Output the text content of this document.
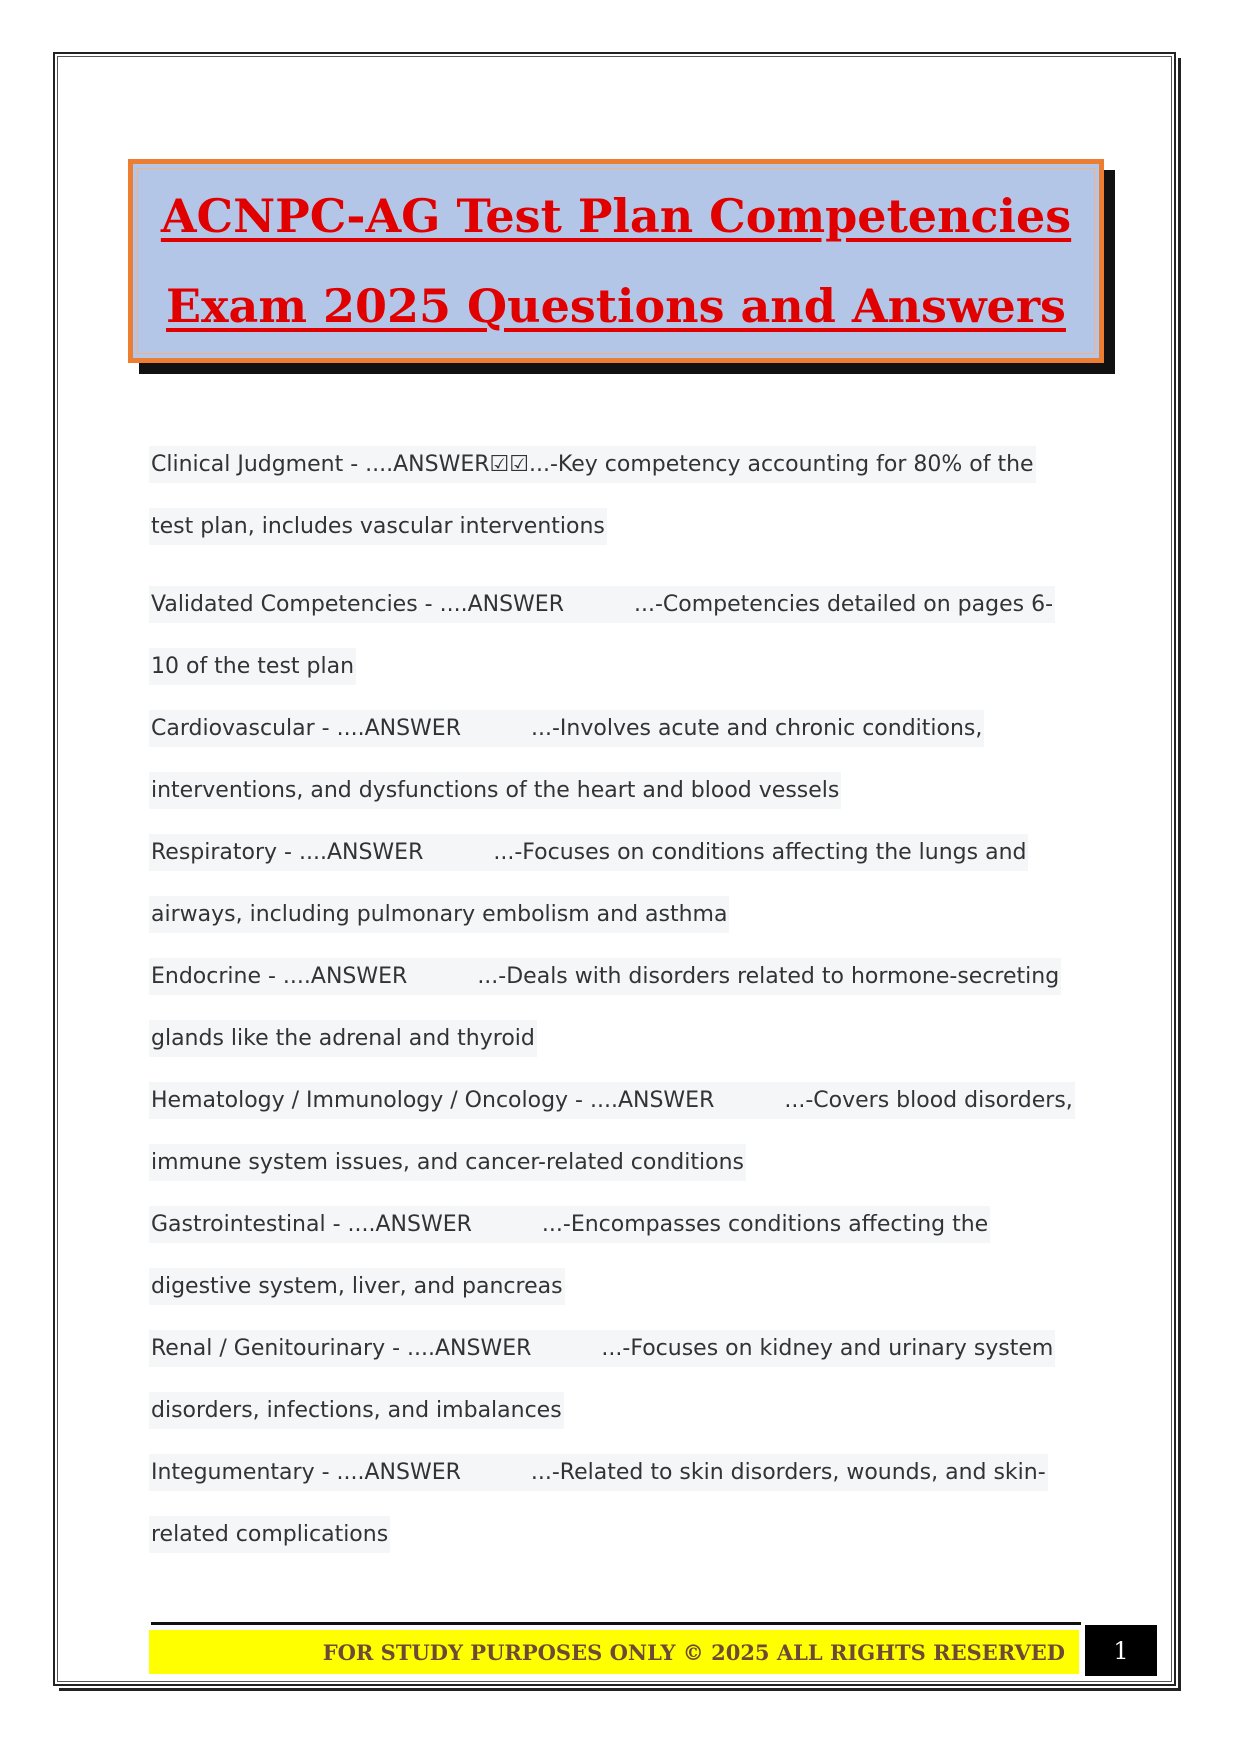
ACNPC-AG Test Plan Competencies
Exam 2025 Questions and Answers
Clinical Judgment - ....ANSWER☑☑...-Key competency accounting for 80% of the
test plan, includes vascular interventions
Validated Competencies - ....ANSWER	...-Competencies detailed on pages 6-
10 of the test plan
Cardiovascular - ....ANSWER	...-Involves acute and chronic conditions,
interventions, and dysfunctions of the heart and blood vessels
Respiratory - ....ANSWER	...-Focuses on conditions affecting the lungs and
airways, including pulmonary embolism and asthma
Endocrine - ....ANSWER	...-Deals with disorders related to hormone-secreting
glands like the adrenal and thyroid
Hematology / Immunology / Oncology - ....ANSWER	...-Covers blood disorders,
immune system issues, and cancer-related conditions
Gastrointestinal - ....ANSWER	...-Encompasses conditions affecting the
digestive system, liver, and pancreas
Renal / Genitourinary - ....ANSWER	...-Focuses on kidney and urinary system
disorders, infections, and imbalances
Integumentary - ....ANSWER	...-Related to skin disorders, wounds, and skin-
related complications
FOR STUDY PURPOSES ONLY © 2025 ALL RIGHTS RESERVED	1
